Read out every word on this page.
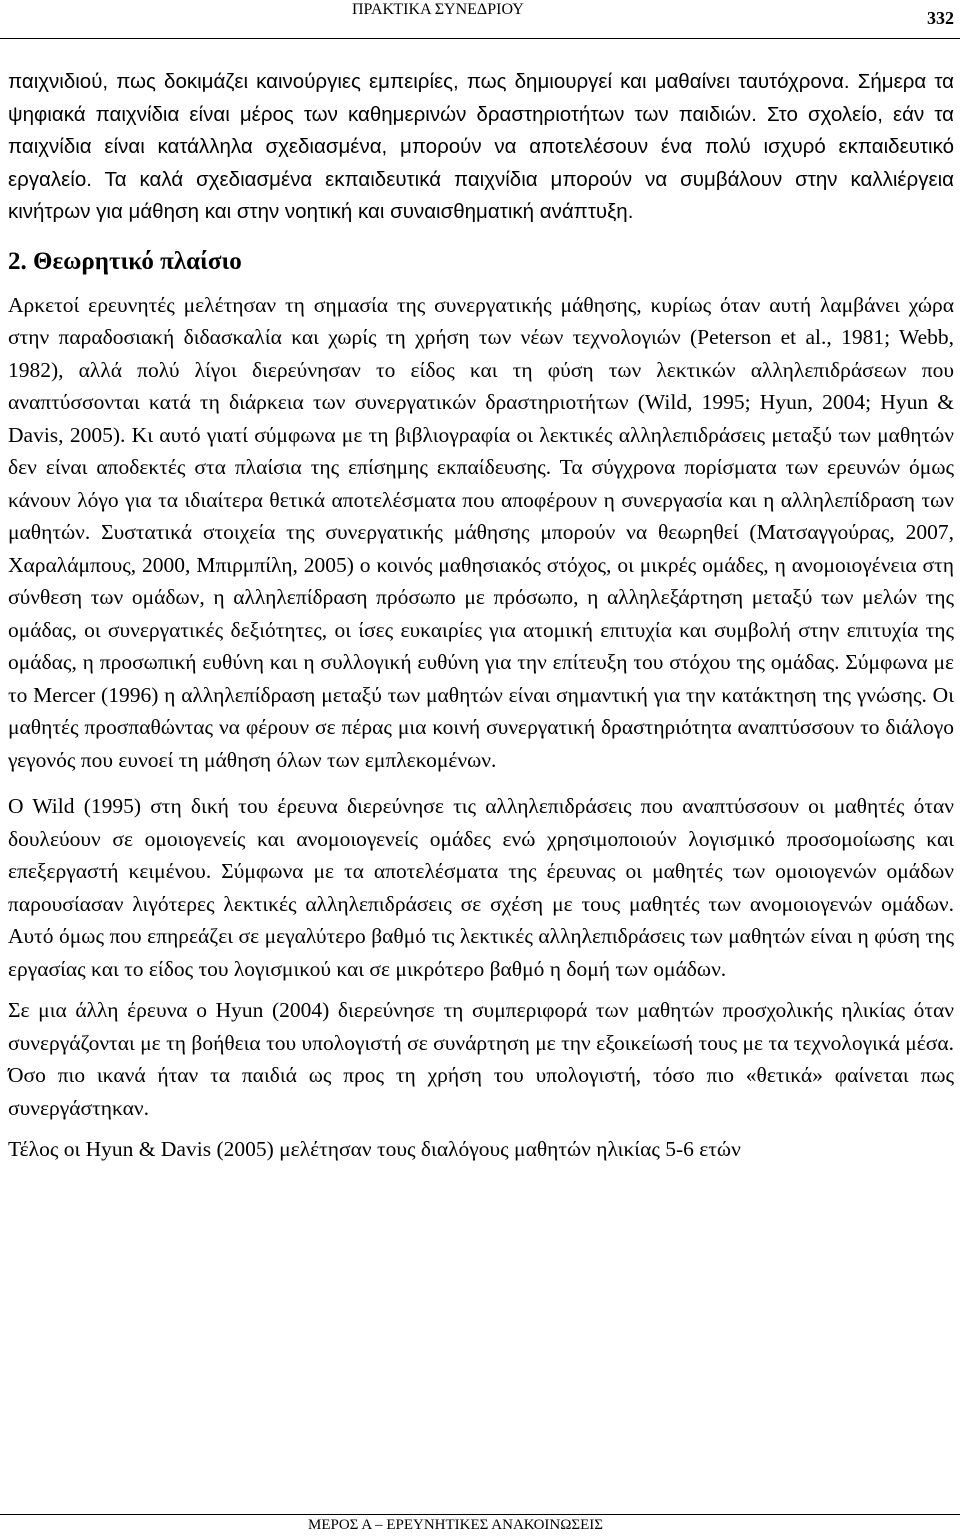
ΠΡΑΚΤΙΚΑ ΣΥΝΕΔΡΙΟΥ	332

παιχνιδιού, πως δοκιμάζει καινούργιες εμπειρίες, πως δημιουργεί και μαθαίνει ταυτόχρονα. Σήμερα τα ψηφιακά παιχνίδια είναι μέρος των καθημερινών δραστηριοτήτων των παιδιών. Στο σχολείο, εάν τα παιχνίδια είναι κατάλληλα σχεδιασμένα, μπορούν να αποτελέσουν ένα πολύ ισχυρό εκπαιδευτικό εργαλείο. Τα καλά σχεδιασμένα εκπαιδευτικά παιχνίδια μπορούν να συμβάλουν στην καλλιέργεια κινήτρων για μάθηση και στην νοητική και συναισθηματική ανάπτυξη.

2. Θεωρητικό πλαίσιο

Αρκετοί ερευνητές μελέτησαν τη σημασία της συνεργατικής μάθησης, κυρίως όταν αυτή λαμβάνει χώρα στην παραδοσιακή διδασκαλία και χωρίς τη χρήση των νέων τεχνολογιών (Peterson et al., 1981; Webb, 1982), αλλά πολύ λίγοι διερεύνησαν το είδος και τη φύση των λεκτικών αλληλεπιδράσεων που αναπτύσσονται κατά τη διάρκεια των συνεργατικών δραστηριοτήτων (Wild, 1995; Hyun, 2004; Hyun & Davis, 2005). Κι αυτό γιατί σύμφωνα με τη βιβλιογραφία οι λεκτικές αλληλεπιδράσεις μεταξύ των μαθητών δεν είναι αποδεκτές στα πλαίσια της επίσημης εκπαίδευσης. Τα σύγχρονα πορίσματα των ερευνών όμως κάνουν λόγο για τα ιδιαίτερα θετικά αποτελέσματα που αποφέρουν η συνεργασία και η αλληλεπίδραση των μαθητών. Συστατικά στοιχεία της συνεργατικής μάθησης μπορούν να θεωρηθεί (Ματσαγγούρας, 2007, Χαραλάμπους, 2000, Μπιρμπίλη, 2005) ο κοινός μαθησιακός στόχος, οι μικρές ομάδες, η ανομοιογένεια στη σύνθεση των ομάδων, η αλληλεπίδραση πρόσωπο με πρόσωπο, η αλληλεξάρτηση μεταξύ των μελών της ομάδας, οι συνεργατικές δεξιότητες, οι ίσες ευκαιρίες για ατομική επιτυχία και συμβολή στην επιτυχία της ομάδας, η προσωπική ευθύνη και η συλλογική ευθύνη για την επίτευξη του στόχου της ομάδας. Σύμφωνα με το Mercer (1996) η αλληλεπίδραση μεταξύ των μαθητών είναι σημαντική για την κατάκτηση της γνώσης. Οι μαθητές προσπαθώντας να φέρουν σε πέρας μια κοινή συνεργατική δραστηριότητα αναπτύσσουν το διάλογο γεγονός που ευνοεί τη μάθηση όλων των εμπλεκομένων.

O Wild (1995) στη δική του έρευνα διερεύνησε τις αλληλεπιδράσεις που αναπτύσσουν οι μαθητές όταν δουλεύουν σε ομοιογενείς και ανομοιογενείς ομάδες ενώ χρησιμοποιούν λογισμικό προσομοίωσης και επεξεργαστή κειμένου. Σύμφωνα με τα αποτελέσματα της έρευνας οι μαθητές των ομοιογενών ομάδων παρουσίασαν λιγότερες λεκτικές αλληλεπιδράσεις σε σχέση με τους μαθητές των ανομοιογενών ομάδων. Αυτό όμως που επηρεάζει σε μεγαλύτερο βαθμό τις λεκτικές αλληλεπιδράσεις των μαθητών είναι η φύση της εργασίας και το είδος του λογισμικού και σε μικρότερο βαθμό η δομή των ομάδων.

Σε μια άλλη έρευνα ο Hyun (2004) διερεύνησε τη συμπεριφορά των μαθητών προσχολικής ηλικίας όταν συνεργάζονται με τη βοήθεια του υπολογιστή σε συνάρτηση με την εξοικείωσή τους με τα τεχνολογικά μέσα. Όσο πιο ικανά ήταν τα παιδιά ως προς τη χρήση του υπολογιστή, τόσο πιο «θετικά» φαίνεται πως συνεργάστηκαν.

Τέλος οι Hyun & Davis (2005) μελέτησαν τους διαλόγους μαθητών ηλικίας 5-6 ετών

ΜΕΡΟΣ Α – ΕΡΕΥΝΗΤΙΚΕΣ ΑΝΑΚΟΙΝΩΣΕΙΣ
